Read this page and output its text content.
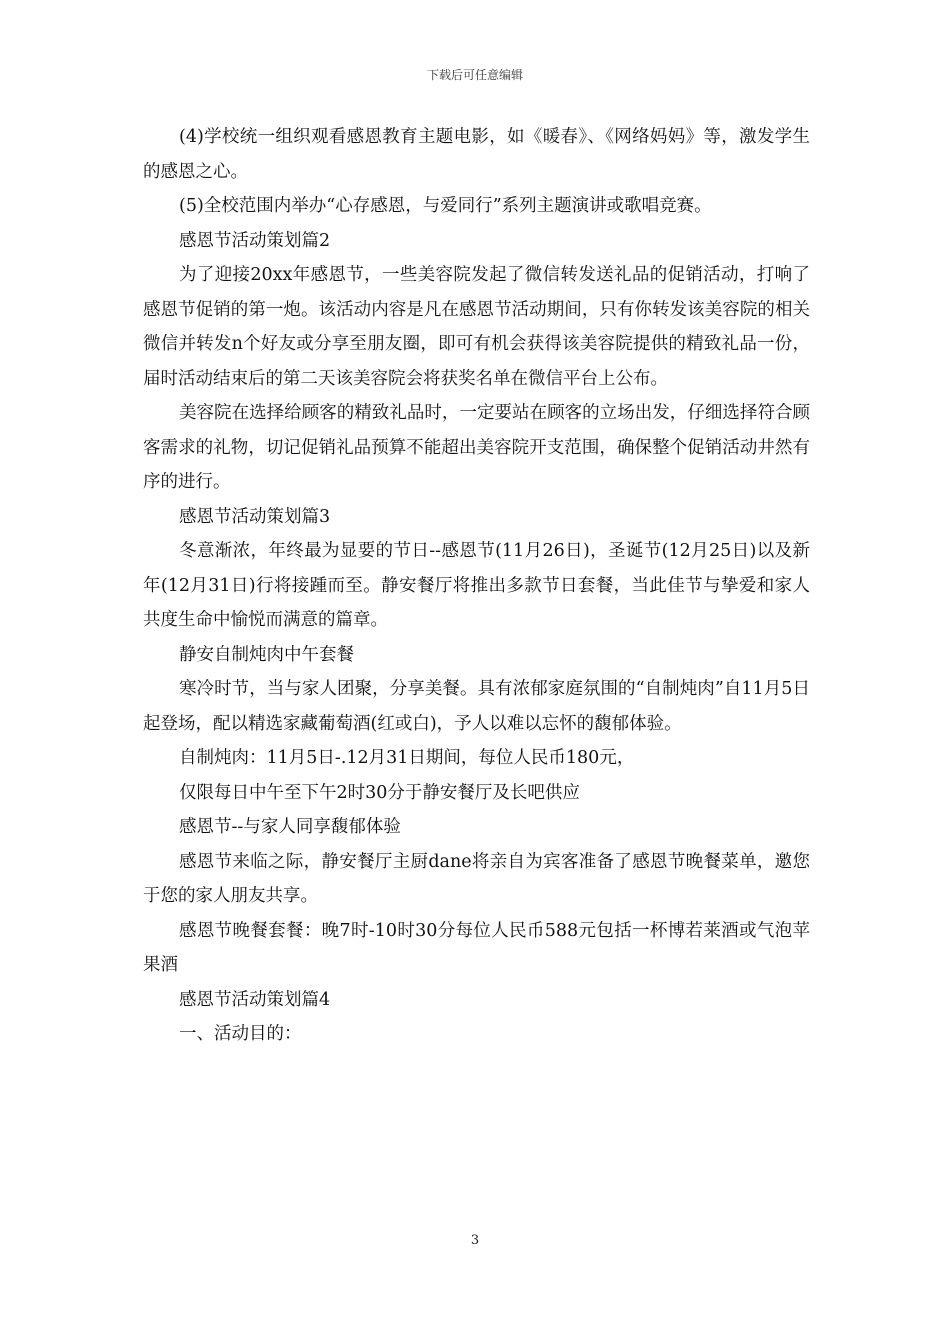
下载后可任意编辑

(4)学校统一组织观看感恩教育主题电影，如《暖春》、《网络妈妈》等，激发学生的感恩之心。

(5)全校范围内举办“心存感恩，与爱同行”系列主题演讲或歌唱竞赛。

感恩节活动策划篇2

为了迎接20xx年感恩节，一些美容院发起了微信转发送礼品的促销活动，打响了感恩节促销的第一炮。该活动内容是凡在感恩节活动期间，只有你转发该美容院的相关微信并转发n个好友或分享至朋友圈，即可有机会获得该美容院提供的精致礼品一份，届时活动结束后的第二天该美容院会将获奖名单在微信平台上公布。

美容院在选择给顾客的精致礼品时，一定要站在顾客的立场出发，仔细选择符合顾客需求的礼物，切记促销礼品预算不能超出美容院开支范围，确保整个促销活动井然有序的进行。

感恩节活动策划篇3

冬意渐浓，年终最为显要的节日--感恩节(11月26日)，圣诞节(12月25日)以及新年(12月31日)行将接踵而至。静安餐厅将推出多款节日套餐，当此佳节与挚爱和家人共度生命中愉悦而满意的篇章。

静安自制炖肉中午套餐

寒冷时节，当与家人团聚，分享美餐。具有浓郁家庭氛围的“自制炖肉”自11月5日起登场，配以精选家藏葡萄酒(红或白)，予人以难以忘怀的馥郁体验。

自制炖肉：11月5日-.12月31日期间，每位人民币180元，

仅限每日中午至下午2时30分于静安餐厅及长吧供应

感恩节--与家人同享馥郁体验

感恩节来临之际，静安餐厅主厨dane将亲自为宾客准备了感恩节晚餐菜单，邀您于您的家人朋友共享。

感恩节晚餐套餐：晚7时-10时30分每位人民币588元包括一杯博若莱酒或气泡苹果酒

感恩节活动策划篇4

一、活动目的：

3
